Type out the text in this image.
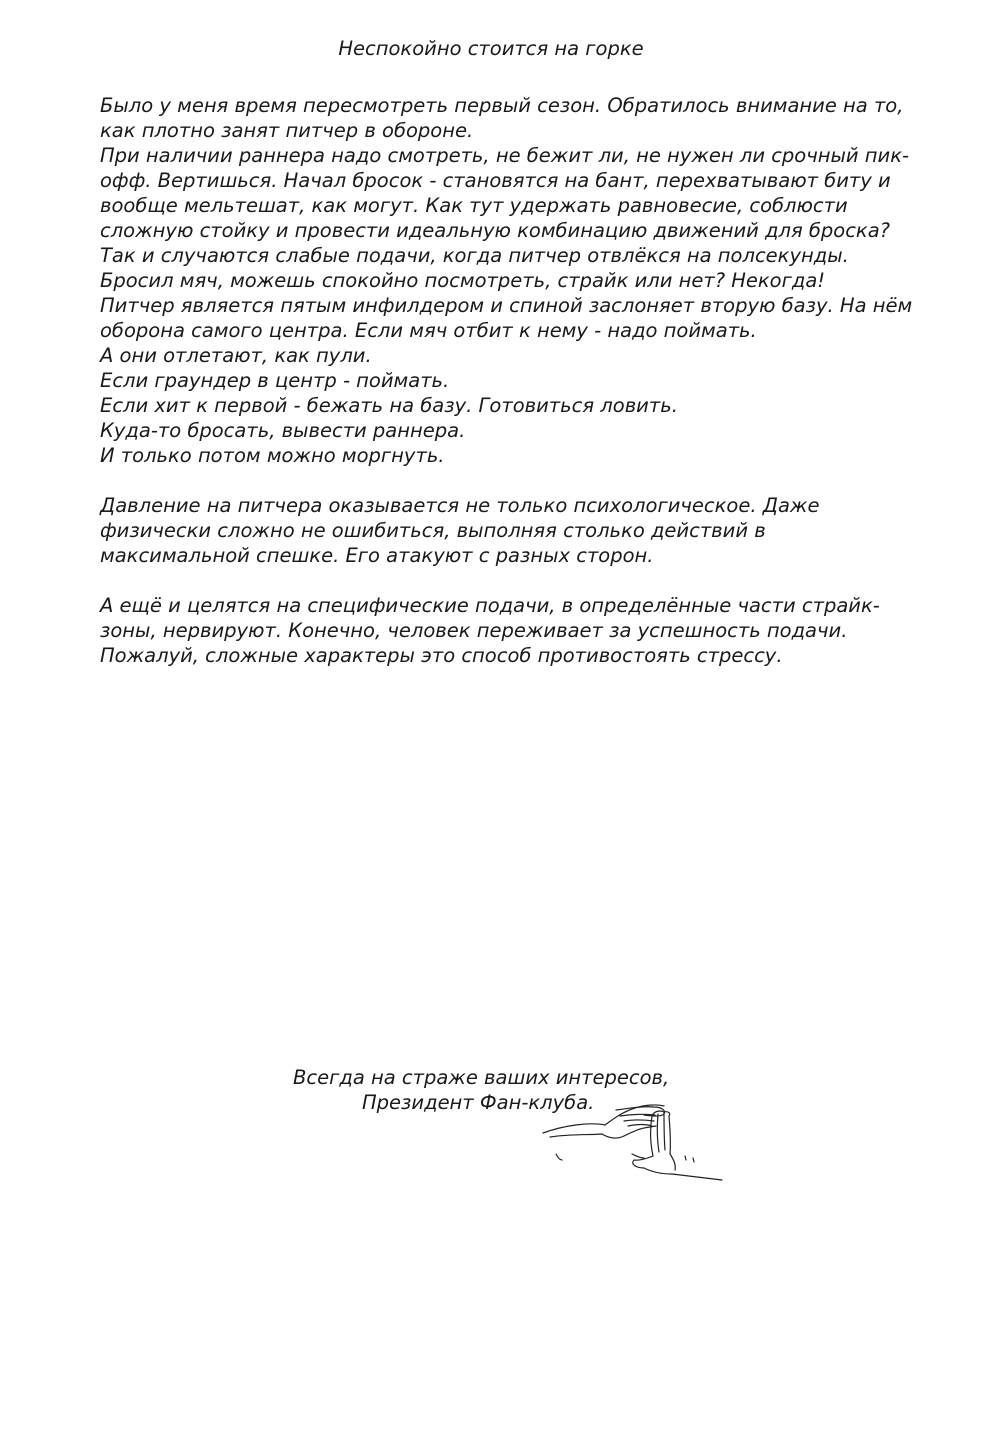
Неспокойно стоится на горке

Было у меня время пересмотреть первый сезон. Обратилось внимание на то,
как плотно занят питчер в обороне.
При наличии раннера надо смотреть, не бежит ли, не нужен ли срочный пик-
офф. Вертишься. Начал бросок - становятся на бант, перехватывают биту и
вообще мельтешат, как могут. Как тут удержать равновесие, соблюсти
сложную стойку и провести идеальную комбинацию движений для броска?
Так и случаются слабые подачи, когда питчер отвлёкся на полсекунды.
Бросил мяч, можешь спокойно посмотреть, страйк или нет? Некогда!
Питчер является пятым инфилдером и спиной заслоняет вторую базу. На нём
оборона самого центра. Если мяч отбит к нему - надо поймать.
А они отлетают, как пули.
Если граундер в центр - поймать.
Если хит к первой - бежать на базу. Готовиться ловить.
Куда-то бросать, вывести раннера.
И только потом можно моргнуть.

Давление на питчера оказывается не только психологическое. Даже
физически сложно не ошибиться, выполняя столько действий в
максимальной спешке. Его атакуют с разных сторон.

А ещё и целятся на специфические подачи, в определённые части страйк-
зоны, нервируют. Конечно, человек переживает за успешность подачи.
Пожалуй, сложные характеры это способ противостоять стрессу.

Всегда на страже ваших интересов,
Президент Фан-клуба.
